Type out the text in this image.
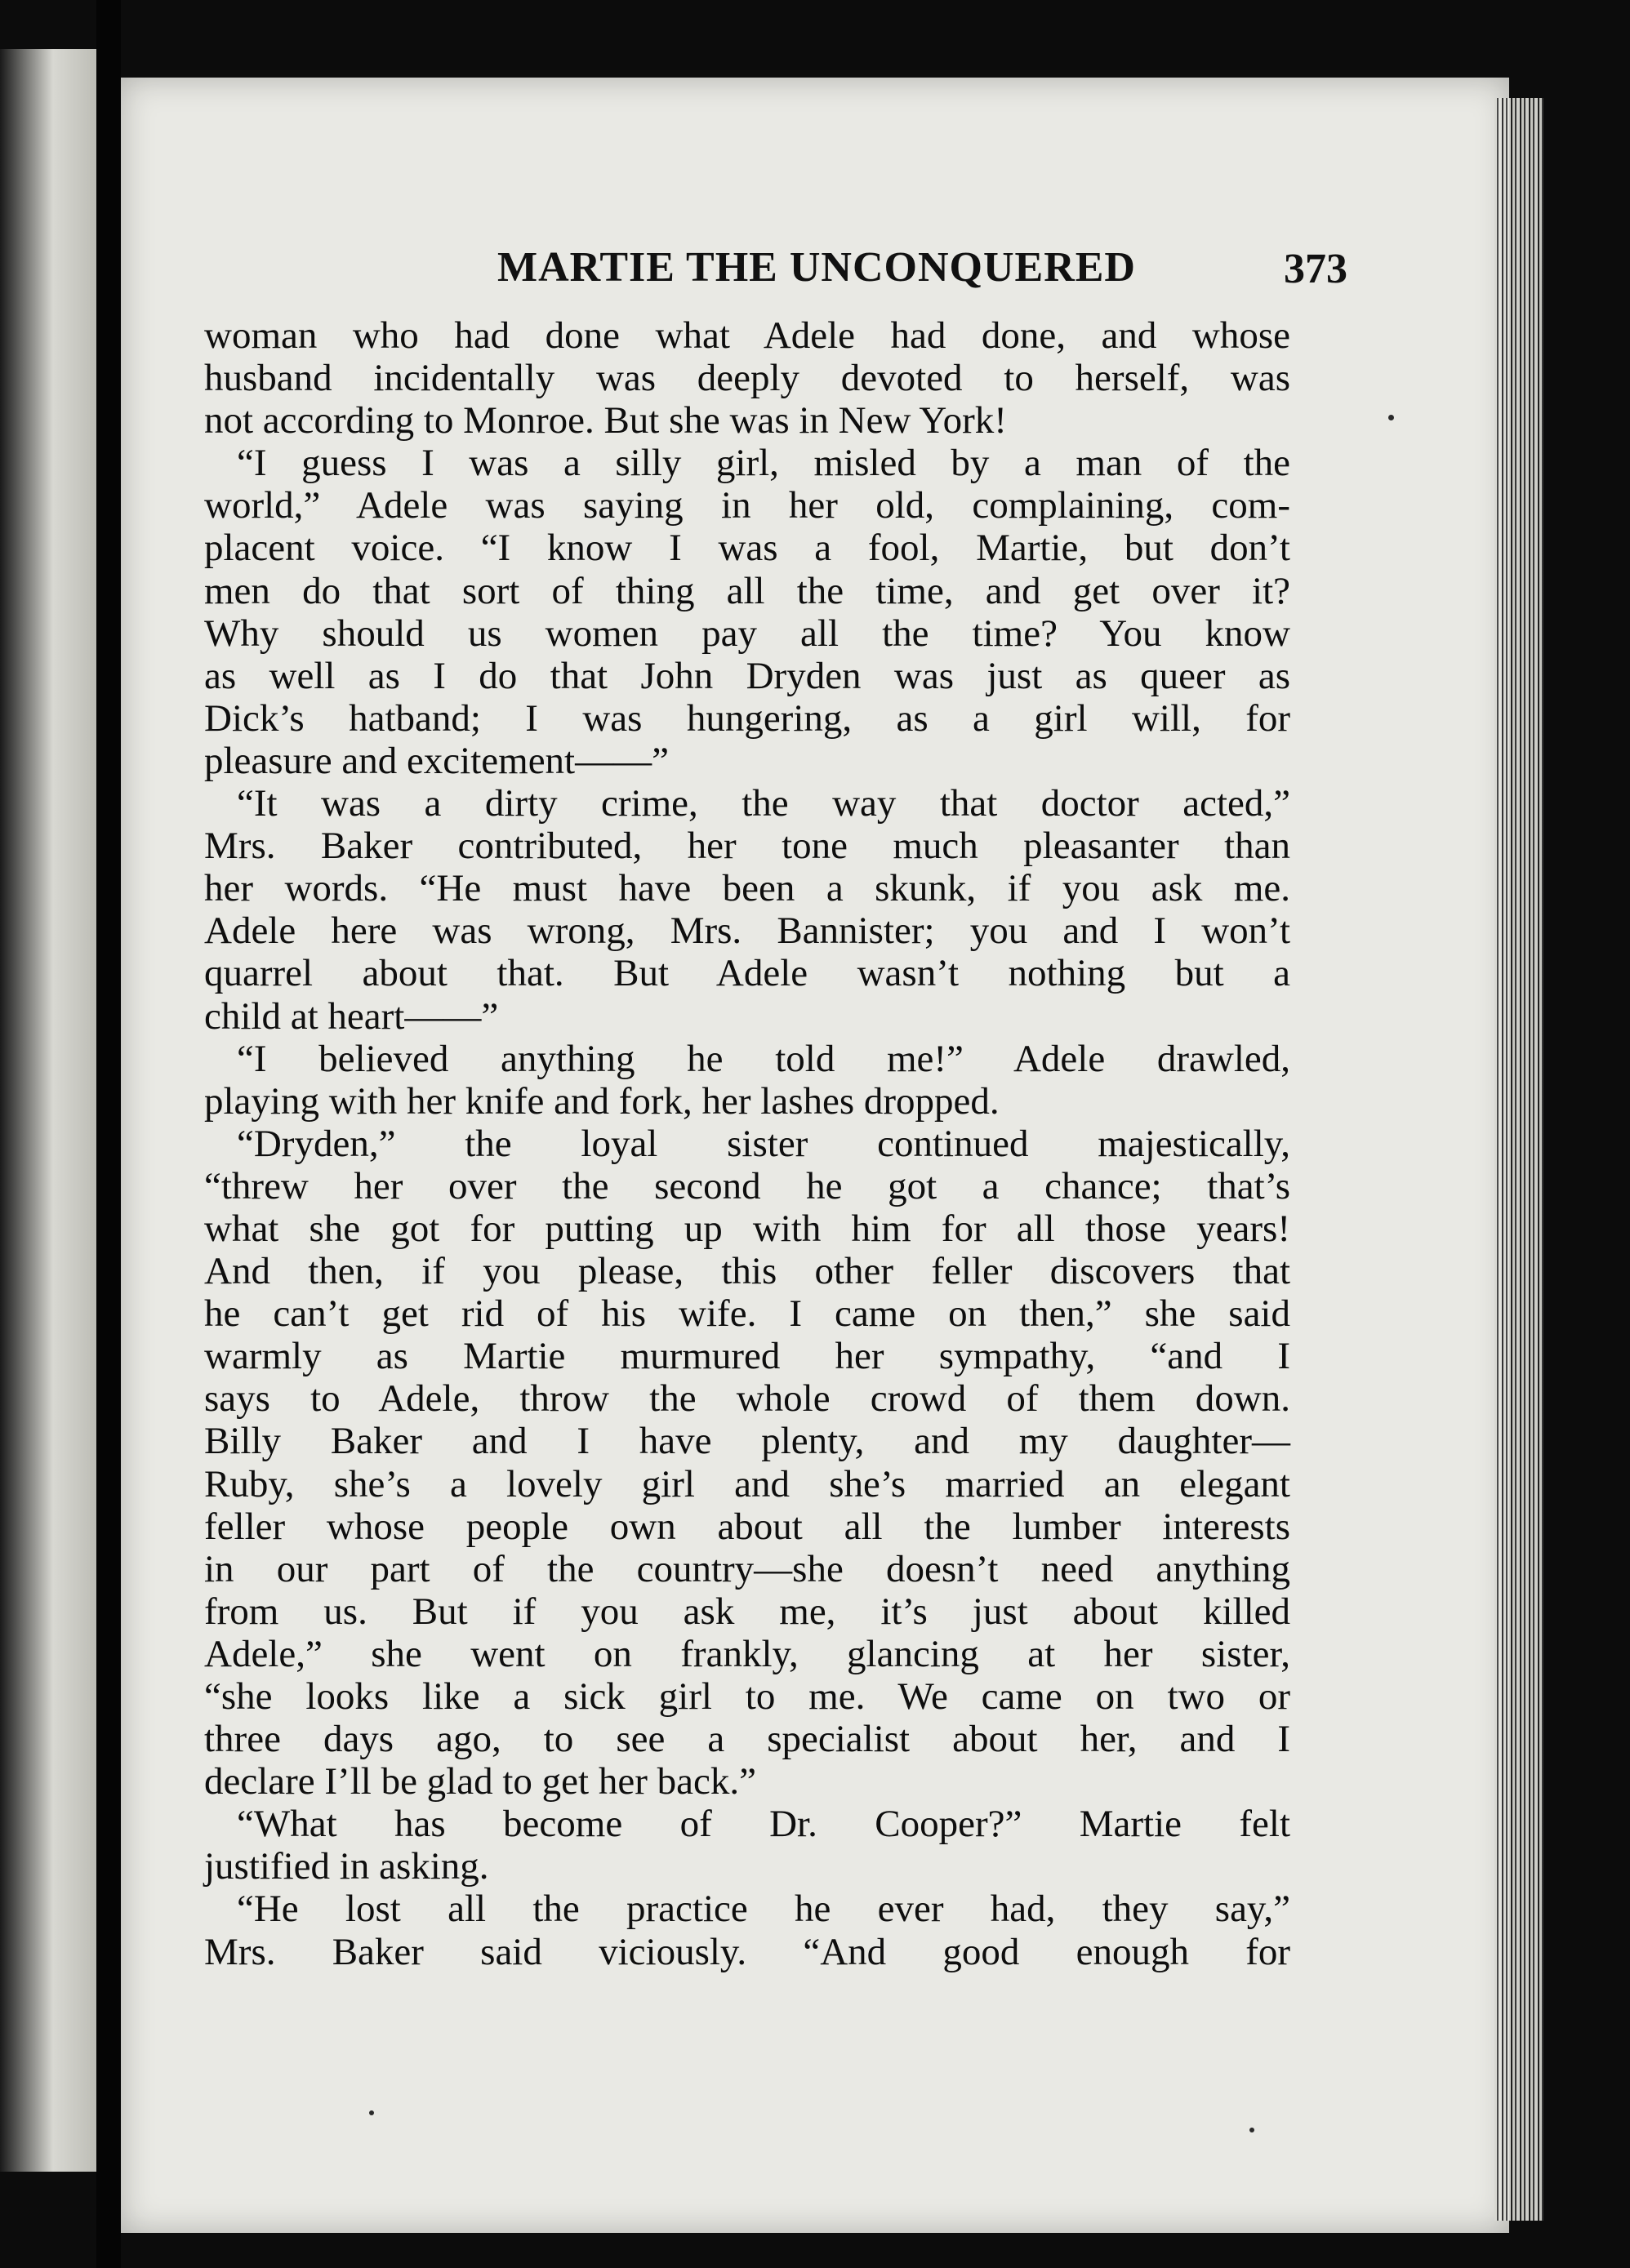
MARTIE THE UNCONQUERED	373
woman who had done what Adele had done, and whose
husband incidentally was deeply devoted to herself, was
not according to Monroe. But she was in New York!
“I guess I was a silly girl, misled by a man of the
world,” Adele was saying in her old, complaining, com-
placent voice. “I know I was a fool, Martie, but don’t
men do that sort of thing all the time, and get over it?
Why should us women pay all the time? You know
as well as I do that John Dryden was just as queer as
Dick’s hatband; I was hungering, as a girl will, for
pleasure and excitement——”
“It was a dirty crime, the way that doctor acted,”
Mrs. Baker contributed, her tone much pleasanter than
her words. “He must have been a skunk, if you ask me.
Adele here was wrong, Mrs. Bannister; you and I won’t
quarrel about that. But Adele wasn’t nothing but a
child at heart——”
“I believed anything he told me!” Adele drawled,
playing with her knife and fork, her lashes dropped.
“Dryden,” the loyal sister continued majestically,
“threw her over the second he got a chance; that’s
what she got for putting up with him for all those years!
And then, if you please, this other feller discovers that
he can’t get rid of his wife. I came on then,” she said
warmly as Martie murmured her sympathy, “and I
says to Adele, throw the whole crowd of them down.
Billy Baker and I have plenty, and my daughter—
Ruby, she’s a lovely girl and she’s married an elegant
feller whose people own about all the lumber interests
in our part of the country—she doesn’t need anything
from us. But if you ask me, it’s just about killed
Adele,” she went on frankly, glancing at her sister,
“she looks like a sick girl to me. We came on two or
three days ago, to see a specialist about her, and I
declare I’ll be glad to get her back.”
“What has become of Dr. Cooper?” Martie felt
justified in asking.
“He lost all the practice he ever had, they say,”
Mrs. Baker said viciously. “And good enough for
